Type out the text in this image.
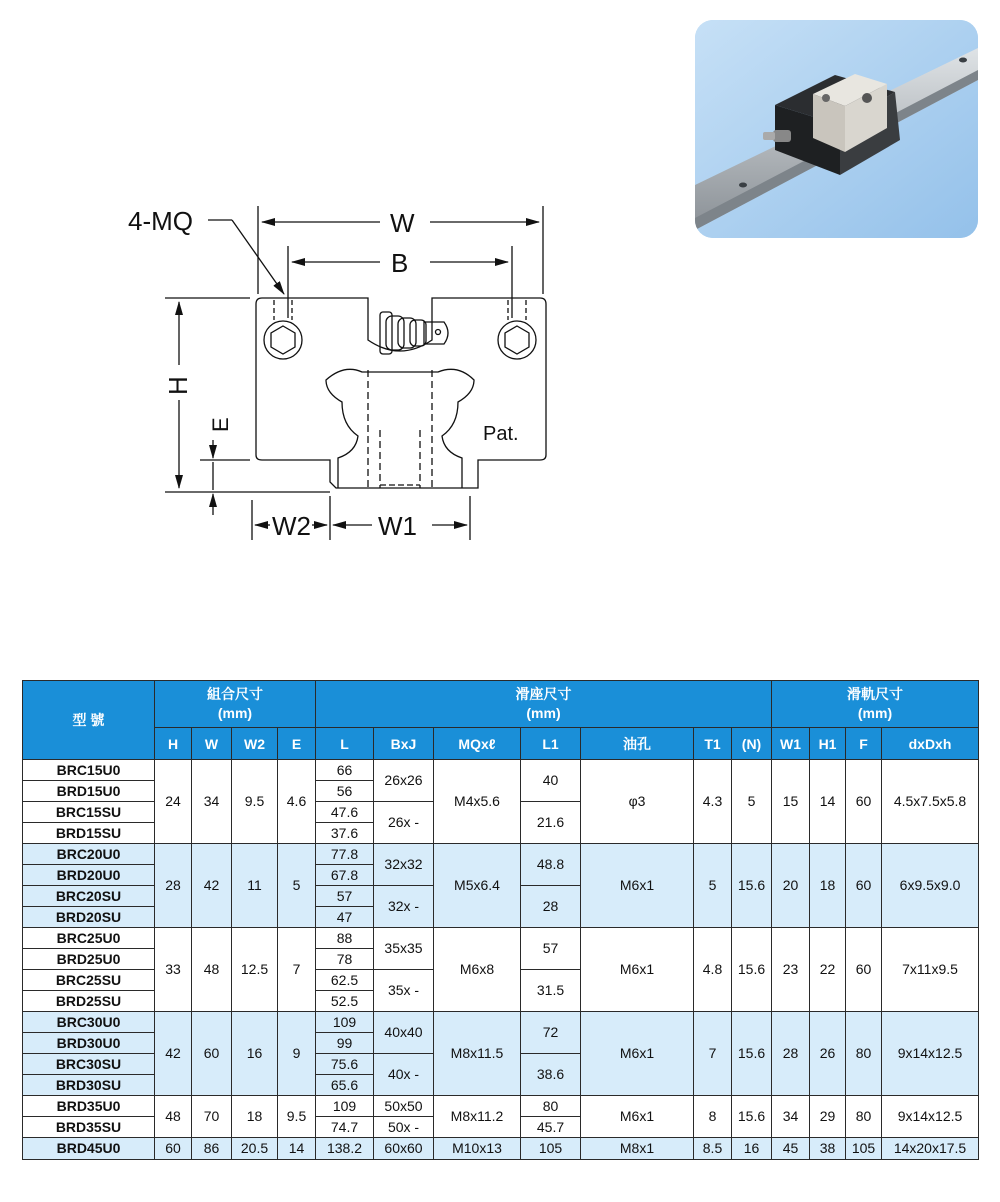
4-MQ	W
B
H
E
W2	W1
Pat.
型 號	組合尺寸
(mm)				滑座尺寸
(mm)							滑軌尺寸
(mm)			
	H	W	W2	E	L	BxJ	MQxℓ	L1	油孔	T1	(N)	W1	H1	F	dxDxh
BRC15U0	24	34	9.5	4.6	66	26x26	M4x5.6	40	φ3	4.3	5	15	14	60	4.5x7.5x5.8
BRD15U0					56										
BRC15SU					47.6	26x -		21.6							
BRD15SU					37.6										
BRC20U0	28	42	11	5	77.8	32x32	M5x6.4	48.8	M6x1	5	15.6	20	18	60	6x9.5x9.0
BRD20U0					67.8										
BRC20SU					57	32x -		28							
BRD20SU					47										
BRC25U0	33	48	12.5	7	88	35x35	M6x8	57	M6x1	4.8	15.6	23	22	60	7x11x9.5
BRD25U0					78										
BRC25SU					62.5	35x -		31.5							
BRD25SU					52.5										
BRC30U0	42	60	16	9	109	40x40	M8x11.5	72	M6x1	7	15.6	28	26	80	9x14x12.5
BRD30U0					99										
BRC30SU					75.6	40x -		38.6							
BRD30SU					65.6										
BRD35U0	48	70	18	9.5	109	50x50	M8x11.2	80	M6x1	8	15.6	34	29	80	9x14x12.5
BRD35SU					74.7	50x -		45.7							
BRD45U0	60	86	20.5	14	138.2	60x60	M10x13	105	M8x1	8.5	16	45	38	105	14x20x17.5
